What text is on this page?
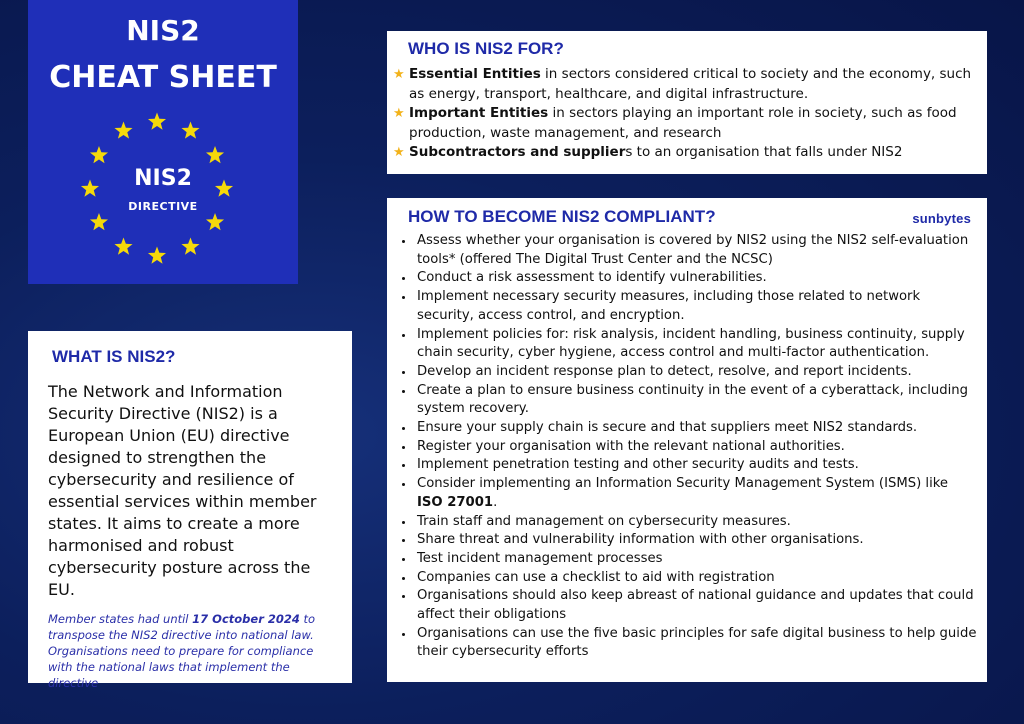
NIS2
CHEAT SHEET
NIS2
DIRECTIVE
WHAT IS NIS2?
The Network and Information Security Directive (NIS2) is a European Union (EU) directive designed to strengthen the cybersecurity and resilience of essential services within member states. It aims to create a more harmonised and robust cybersecurity posture across the EU.
Member states had until 17 October 2024 to transpose the NIS2 directive into national law. Organisations need to prepare for compliance with the national laws that implement the directive
WHO IS NIS2 FOR?
★ Essential Entities in sectors considered critical to society and the economy, such as energy, transport, healthcare, and digital infrastructure.
★ Important Entities in sectors playing an important role in society, such as food production, waste management, and research
★ Subcontractors and suppliers to an organisation that falls under NIS2
HOW TO BECOME NIS2 COMPLIANT?	sunbytes
• Assess whether your organisation is covered by NIS2 using the NIS2 self-evaluation tools* (offered The Digital Trust Center and the NCSC)
• Conduct a risk assessment to identify vulnerabilities.
• Implement necessary security measures, including those related to network security, access control, and encryption.
• Implement policies for: risk analysis, incident handling, business continuity, supply chain security, cyber hygiene, access control and multi-factor authentication.
• Develop an incident response plan to detect, resolve, and report incidents.
• Create a plan to ensure business continuity in the event of a cyberattack, including system recovery.
• Ensure your supply chain is secure and that suppliers meet NIS2 standards.
• Register your organisation with the relevant national authorities.
• Implement penetration testing and other security audits and tests.
• Consider implementing an Information Security Management System (ISMS) like ISO 27001.
• Train staff and management on cybersecurity measures.
• Share threat and vulnerability information with other organisations.
• Test incident management processes
• Companies can use a checklist to aid with registration
• Organisations should also keep abreast of national guidance and updates that could affect their obligations
• Organisations can use the five basic principles for safe digital business to help guide their cybersecurity efforts
